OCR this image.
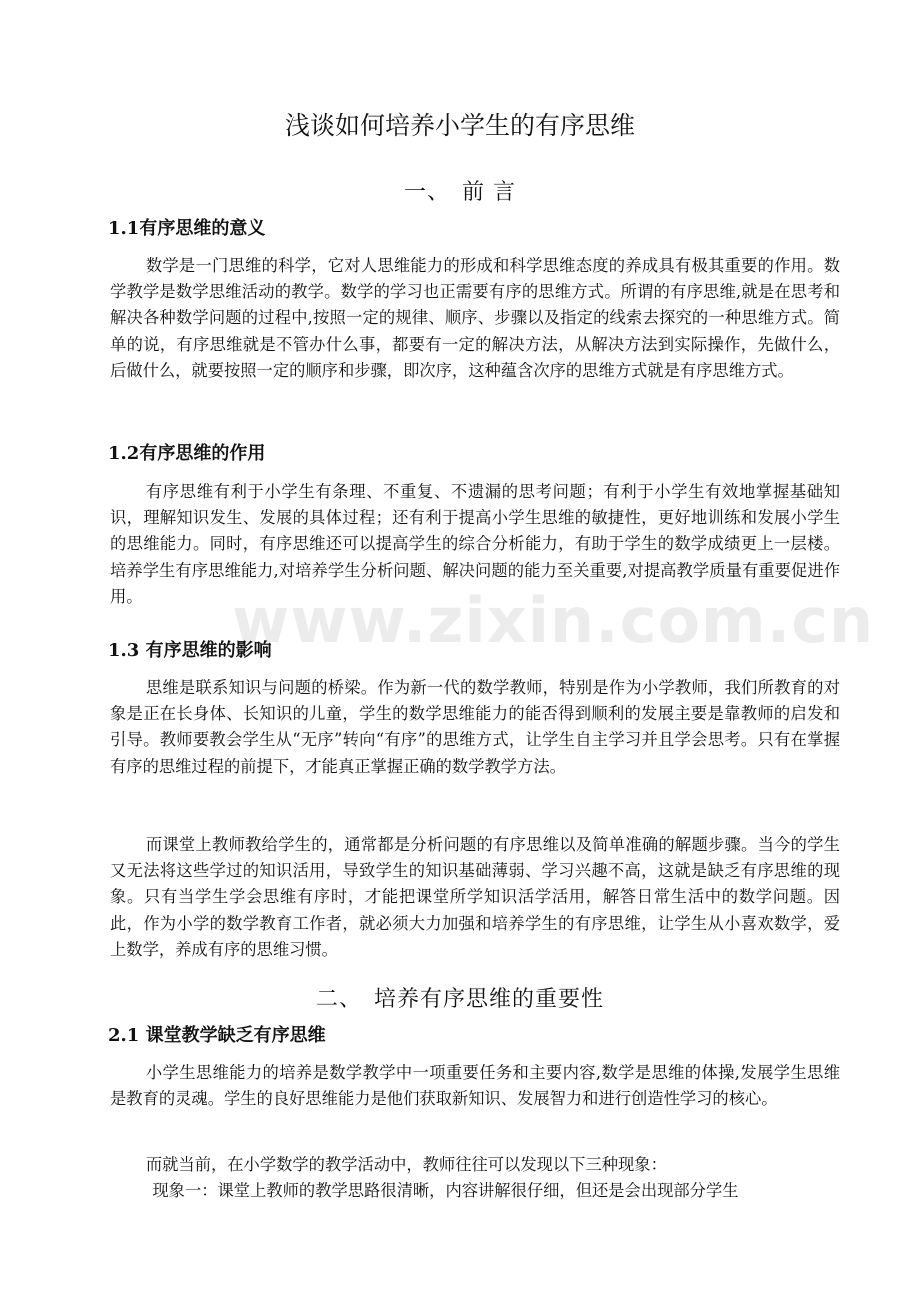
www.zixin.com.cn
浅谈如何培养小学生的有序思维
一、　前 言
1.1有序思维的意义

数学是一门思维的科学，它对人思维能力的形成和科学思维态度的养成具有极其重要的作用。数学教学是数学思维活动的教学。数学的学习也正需要有序的思维方式。所谓的有序思维,就是在思考和解决各种数学问题的过程中,按照一定的规律、顺序、步骤以及指定的线索去探究的一种思维方式。简单的说，有序思维就是不管办什么事，都要有一定的解决方法，从解决方法到实际操作，先做什么，后做什么，就要按照一定的顺序和步骤，即次序，这种蕴含次序的思维方式就是有序思维方式。

1.2有序思维的作用

有序思维有利于小学生有条理、不重复、不遗漏的思考问题；有利于小学生有效地掌握基础知识，理解知识发生、发展的具体过程；还有利于提高小学生思维的敏捷性，更好地训练和发展小学生的思维能力。同时，有序思维还可以提高学生的综合分析能力，有助于学生的数学成绩更上一层楼。培养学生有序思维能力,对培养学生分析问题、解决问题的能力至关重要,对提高教学质量有重要促进作用。

1.3 有序思维的影响

思维是联系知识与问题的桥梁。作为新一代的数学教师，特别是作为小学教师，我们所教育的对象是正在长身体、长知识的儿童，学生的数学思维能力的能否得到顺利的发展主要是靠教师的启发和引导。教师要教会学生从“无序”转向“有序”的思维方式，让学生自主学习并且学会思考。只有在掌握有序的思维过程的前提下，才能真正掌握正确的数学教学方法。

而课堂上教师教给学生的，通常都是分析问题的有序思维以及简单准确的解题步骤。当今的学生又无法将这些学过的知识活用，导致学生的知识基础薄弱、学习兴趣不高，这就是缺乏有序思维的现象。只有当学生学会思维有序时，才能把课堂所学知识活学活用，解答日常生活中的数学问题。因此，作为小学的数学教育工作者，就必须大力加强和培养学生的有序思维，让学生从小喜欢数学，爱上数学，养成有序的思维习惯。

二、　培养有序思维的重要性
2.1 课堂教学缺乏有序思维

小学生思维能力的培养是数学教学中一项重要任务和主要内容,数学是思维的体操,发展学生思维是教育的灵魂。学生的良好思维能力是他们获取新知识、发展智力和进行创造性学习的核心。

而就当前，在小学数学的教学活动中，教师往往可以发现以下三种现象：

现象一：课堂上教师的教学思路很清晰，内容讲解很仔细，但还是会出现部分学生
